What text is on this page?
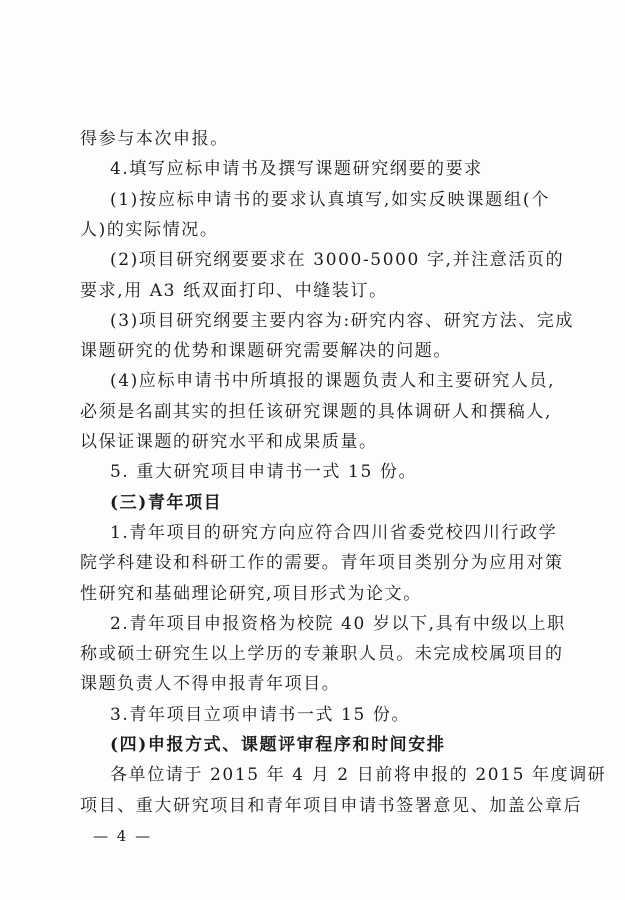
得参与本次申报。
4.填写应标申请书及撰写课题研究纲要的要求
(1)按应标申请书的要求认真填写,如实反映课题组(个
人)的实际情况。
(2)项目研究纲要要求在 3000-5000 字,并注意活页的
要求,用 A3 纸双面打印、中缝装订。
(3)项目研究纲要主要内容为:研究内容、研究方法、完成
课题研究的优势和课题研究需要解决的问题。
(4)应标申请书中所填报的课题负责人和主要研究人员,
必须是名副其实的担任该研究课题的具体调研人和撰稿人,
以保证课题的研究水平和成果质量。
5. 重大研究项目申请书一式 15 份。
(三)青年项目
1.青年项目的研究方向应符合四川省委党校四川行政学
院学科建设和科研工作的需要。青年项目类别分为应用对策
性研究和基础理论研究,项目形式为论文。
2.青年项目申报资格为校院 40 岁以下,具有中级以上职
称或硕士研究生以上学历的专兼职人员。未完成校属项目的
课题负责人不得申报青年项目。
3.青年项目立项申请书一式 15 份。
(四)申报方式、课题评审程序和时间安排
各单位请于 2015 年 4 月 2 日前将申报的 2015 年度调研
项目、重大研究项目和青年项目申请书签署意见、加盖公章后
— 4 —
